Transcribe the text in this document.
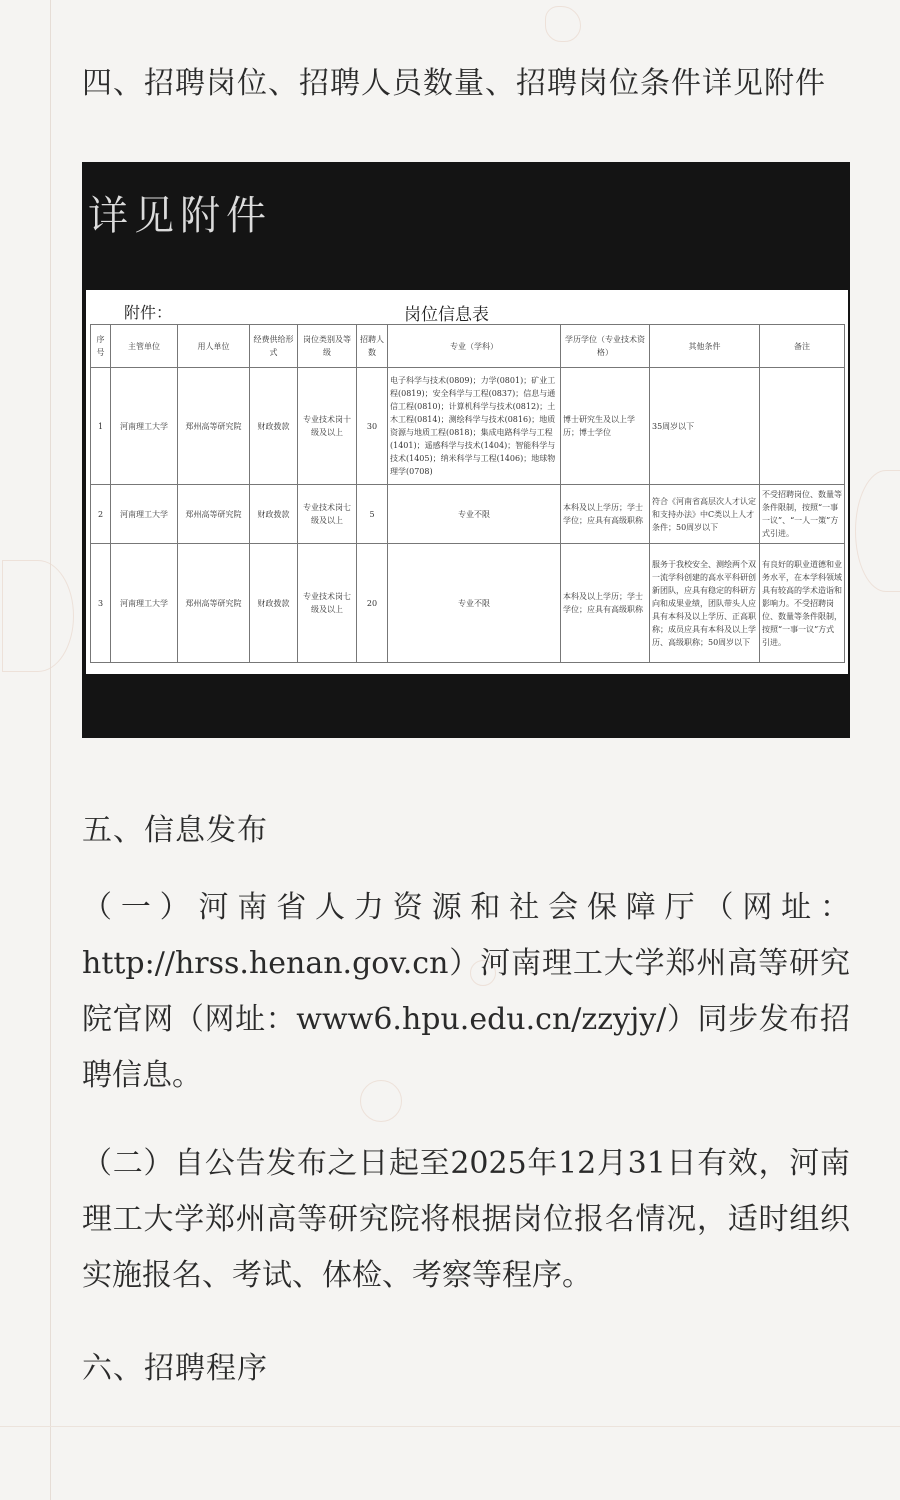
四、招聘岗位、招聘人员数量、招聘岗位条件详见附件
详见附件
附件：	岗位信息表
序号	主管单位	用人单位	经费供给形式	岗位类别及等级	招聘人数	专业（学科）	学历学位（专业技术资格）	其他条件	备注
1	河南理工大学	郑州高等研究院	财政拨款	专业技术岗十级及以上	30	电子科学与技术(0809)；力学(0801)；矿业工程(0819)；安全科学与工程(0837)；信息与通信工程(0810)；计算机科学与技术(0812)；土木工程(0814)；测绘科学与技术(0816)；地质资源与地质工程(0818)；集成电路科学与工程(1401)；遥感科学与技术(1404)；智能科学与技术(1405)；纳米科学与工程(1406)；地球物理学(0708)	博士研究生及以上学历；博士学位	35周岁以下	
2	河南理工大学	郑州高等研究院	财政拨款	专业技术岗七级及以上	5	专业不限	本科及以上学历；学士学位；应具有高级职称	符合《河南省高层次人才认定和支持办法》中C类以上人才条件；50周岁以下	不受招聘岗位、数量等条件限制，按照“一事一议”、“一人一策”方式引进。
3	河南理工大学	郑州高等研究院	财政拨款	专业技术岗七级及以上	20	专业不限	本科及以上学历；学士学位；应具有高级职称	服务于我校安全、测绘两个双一流学科创建的高水平科研创新团队，应具有稳定的科研方向和成果业绩，团队带头人应具有本科及以上学历、正高职称；成员应具有本科及以上学历、高级职称；50周岁以下	有良好的职业道德和业务水平，在本学科领域具有较高的学术造诣和影响力。不受招聘岗位、数量等条件限制，按照“一事一议”方式引进。
五、信息发布
（一）河南省人力资源和社会保障厅（网址：http://hrss.henan.gov.cn）河南理工大学郑州高等研究院官网（网址：www6.hpu.edu.cn/zzyjy/）同步发布招聘信息。
（二）自公告发布之日起至2025年12月31日有效，河南理工大学郑州高等研究院将根据岗位报名情况，适时组织实施报名、考试、体检、考察等程序。
六、招聘程序
